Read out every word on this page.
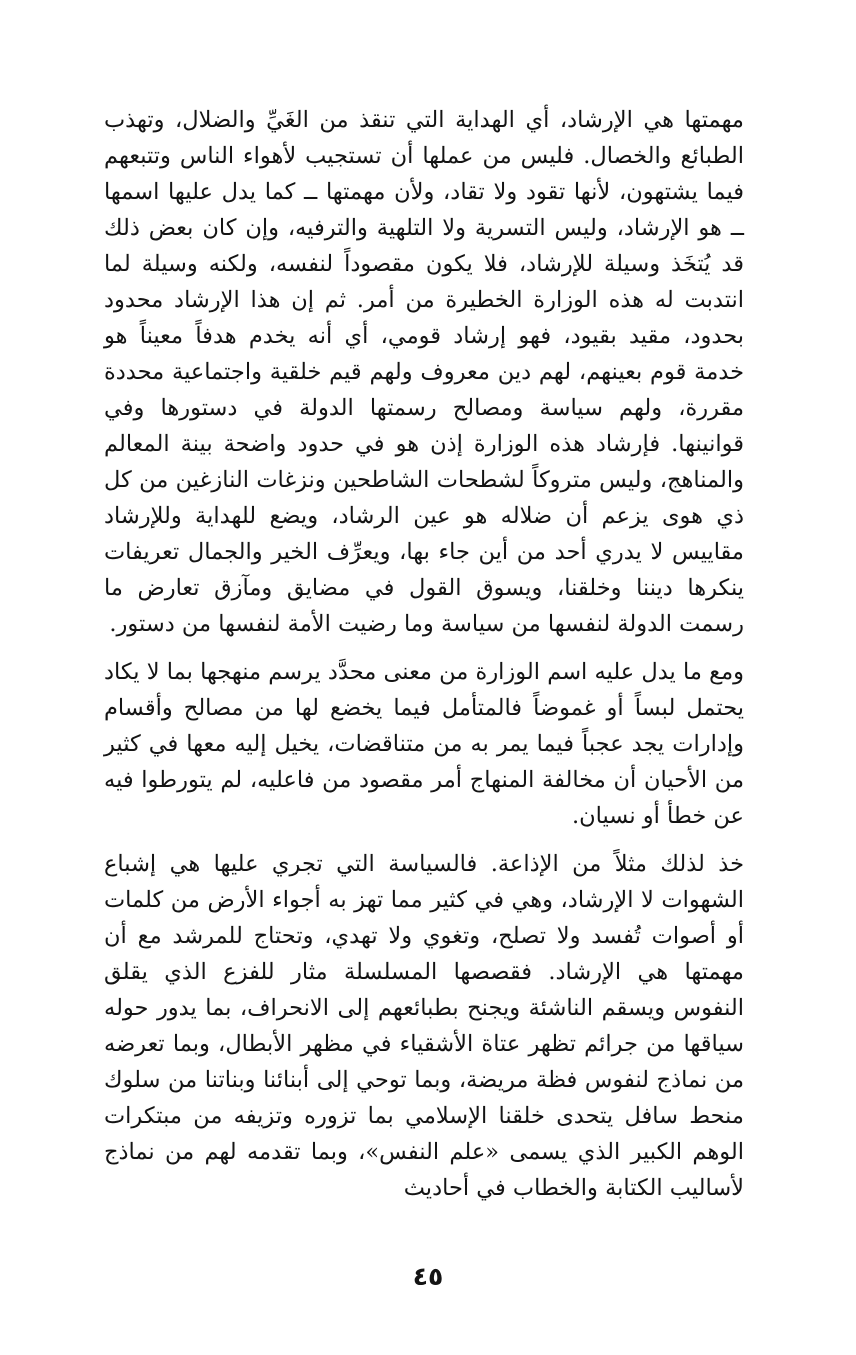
مهمتها هي الإرشاد، أي الهداية التي تنقذ من الغَيِّ والضلال، وتهذب الطبائع والخصال. فليس من عملها أن تستجيب لأهواء الناس وتتبعهم فيما يشتهون، لأنها تقود ولا تقاد، ولأن مهمتها ــ كما يدل عليها اسمها ــ هو الإرشاد، وليس التسرية ولا التلهية والترفيه، وإن كان بعض ذلك قد يُتخَذ وسيلة للإرشاد، فلا يكون مقصوداً لنفسه، ولكنه وسيلة لما انتدبت له هذه الوزارة الخطيرة من أمر. ثم إن هذا الإرشاد محدود بحدود، مقيد بقيود، فهو إرشاد قومي، أي أنه يخدم هدفاً معيناً هو خدمة قوم بعينهم، لهم دين معروف ولهم قيم خلقية واجتماعية محددة مقررة، ولهم سياسة ومصالح رسمتها الدولة في دستورها وفي قوانينها. فإرشاد هذه الوزارة إذن هو في حدود واضحة بينة المعالم والمناهج، وليس متروكاً لشطحات الشاطحين ونزغات النازغين من كل ذي هوى يزعم أن ضلاله هو عين الرشاد، ويضع للهداية وللإرشاد مقاييس لا يدري أحد من أين جاء بها، ويعرِّف الخير والجمال تعريفات ينكرها ديننا وخلقنا، ويسوق القول في مضايق ومآزق تعارض ما رسمت الدولة لنفسها من سياسة وما رضيت الأمة لنفسها من دستور.

ومع ما يدل عليه اسم الوزارة من معنى محدَّد يرسم منهجها بما لا يكاد يحتمل لبساً أو غموضاً فالمتأمل فيما يخضع لها من مصالح وأقسام وإدارات يجد عجباً فيما يمر به من متناقضات، يخيل إليه معها في كثير من الأحيان أن مخالفة المنهاج أمر مقصود من فاعليه، لم يتورطوا فيه عن خطأ أو نسيان.

خذ لذلك مثلاً من الإذاعة. فالسياسة التي تجري عليها هي إشباع الشهوات لا الإرشاد، وهي في كثير مما تهز به أجواء الأرض من كلمات أو أصوات تُفسد ولا تصلح، وتغوي ولا تهدي، وتحتاج للمرشد مع أن مهمتها هي الإرشاد. فقصصها المسلسلة مثار للفزع الذي يقلق النفوس ويسقم الناشئة ويجنح بطبائعهم إلى الانحراف، بما يدور حوله سياقها من جرائم تظهر عتاة الأشقياء في مظهر الأبطال، وبما تعرضه من نماذج لنفوس فظة مريضة، وبما توحي إلى أبنائنا وبناتنا من سلوك منحط سافل يتحدى خلقنا الإسلامي بما تزوره وتزيفه من مبتكرات الوهم الكبير الذي يسمى «علم النفس»، وبما تقدمه لهم من نماذج لأساليب الكتابة والخطاب في أحاديث

٤٥
